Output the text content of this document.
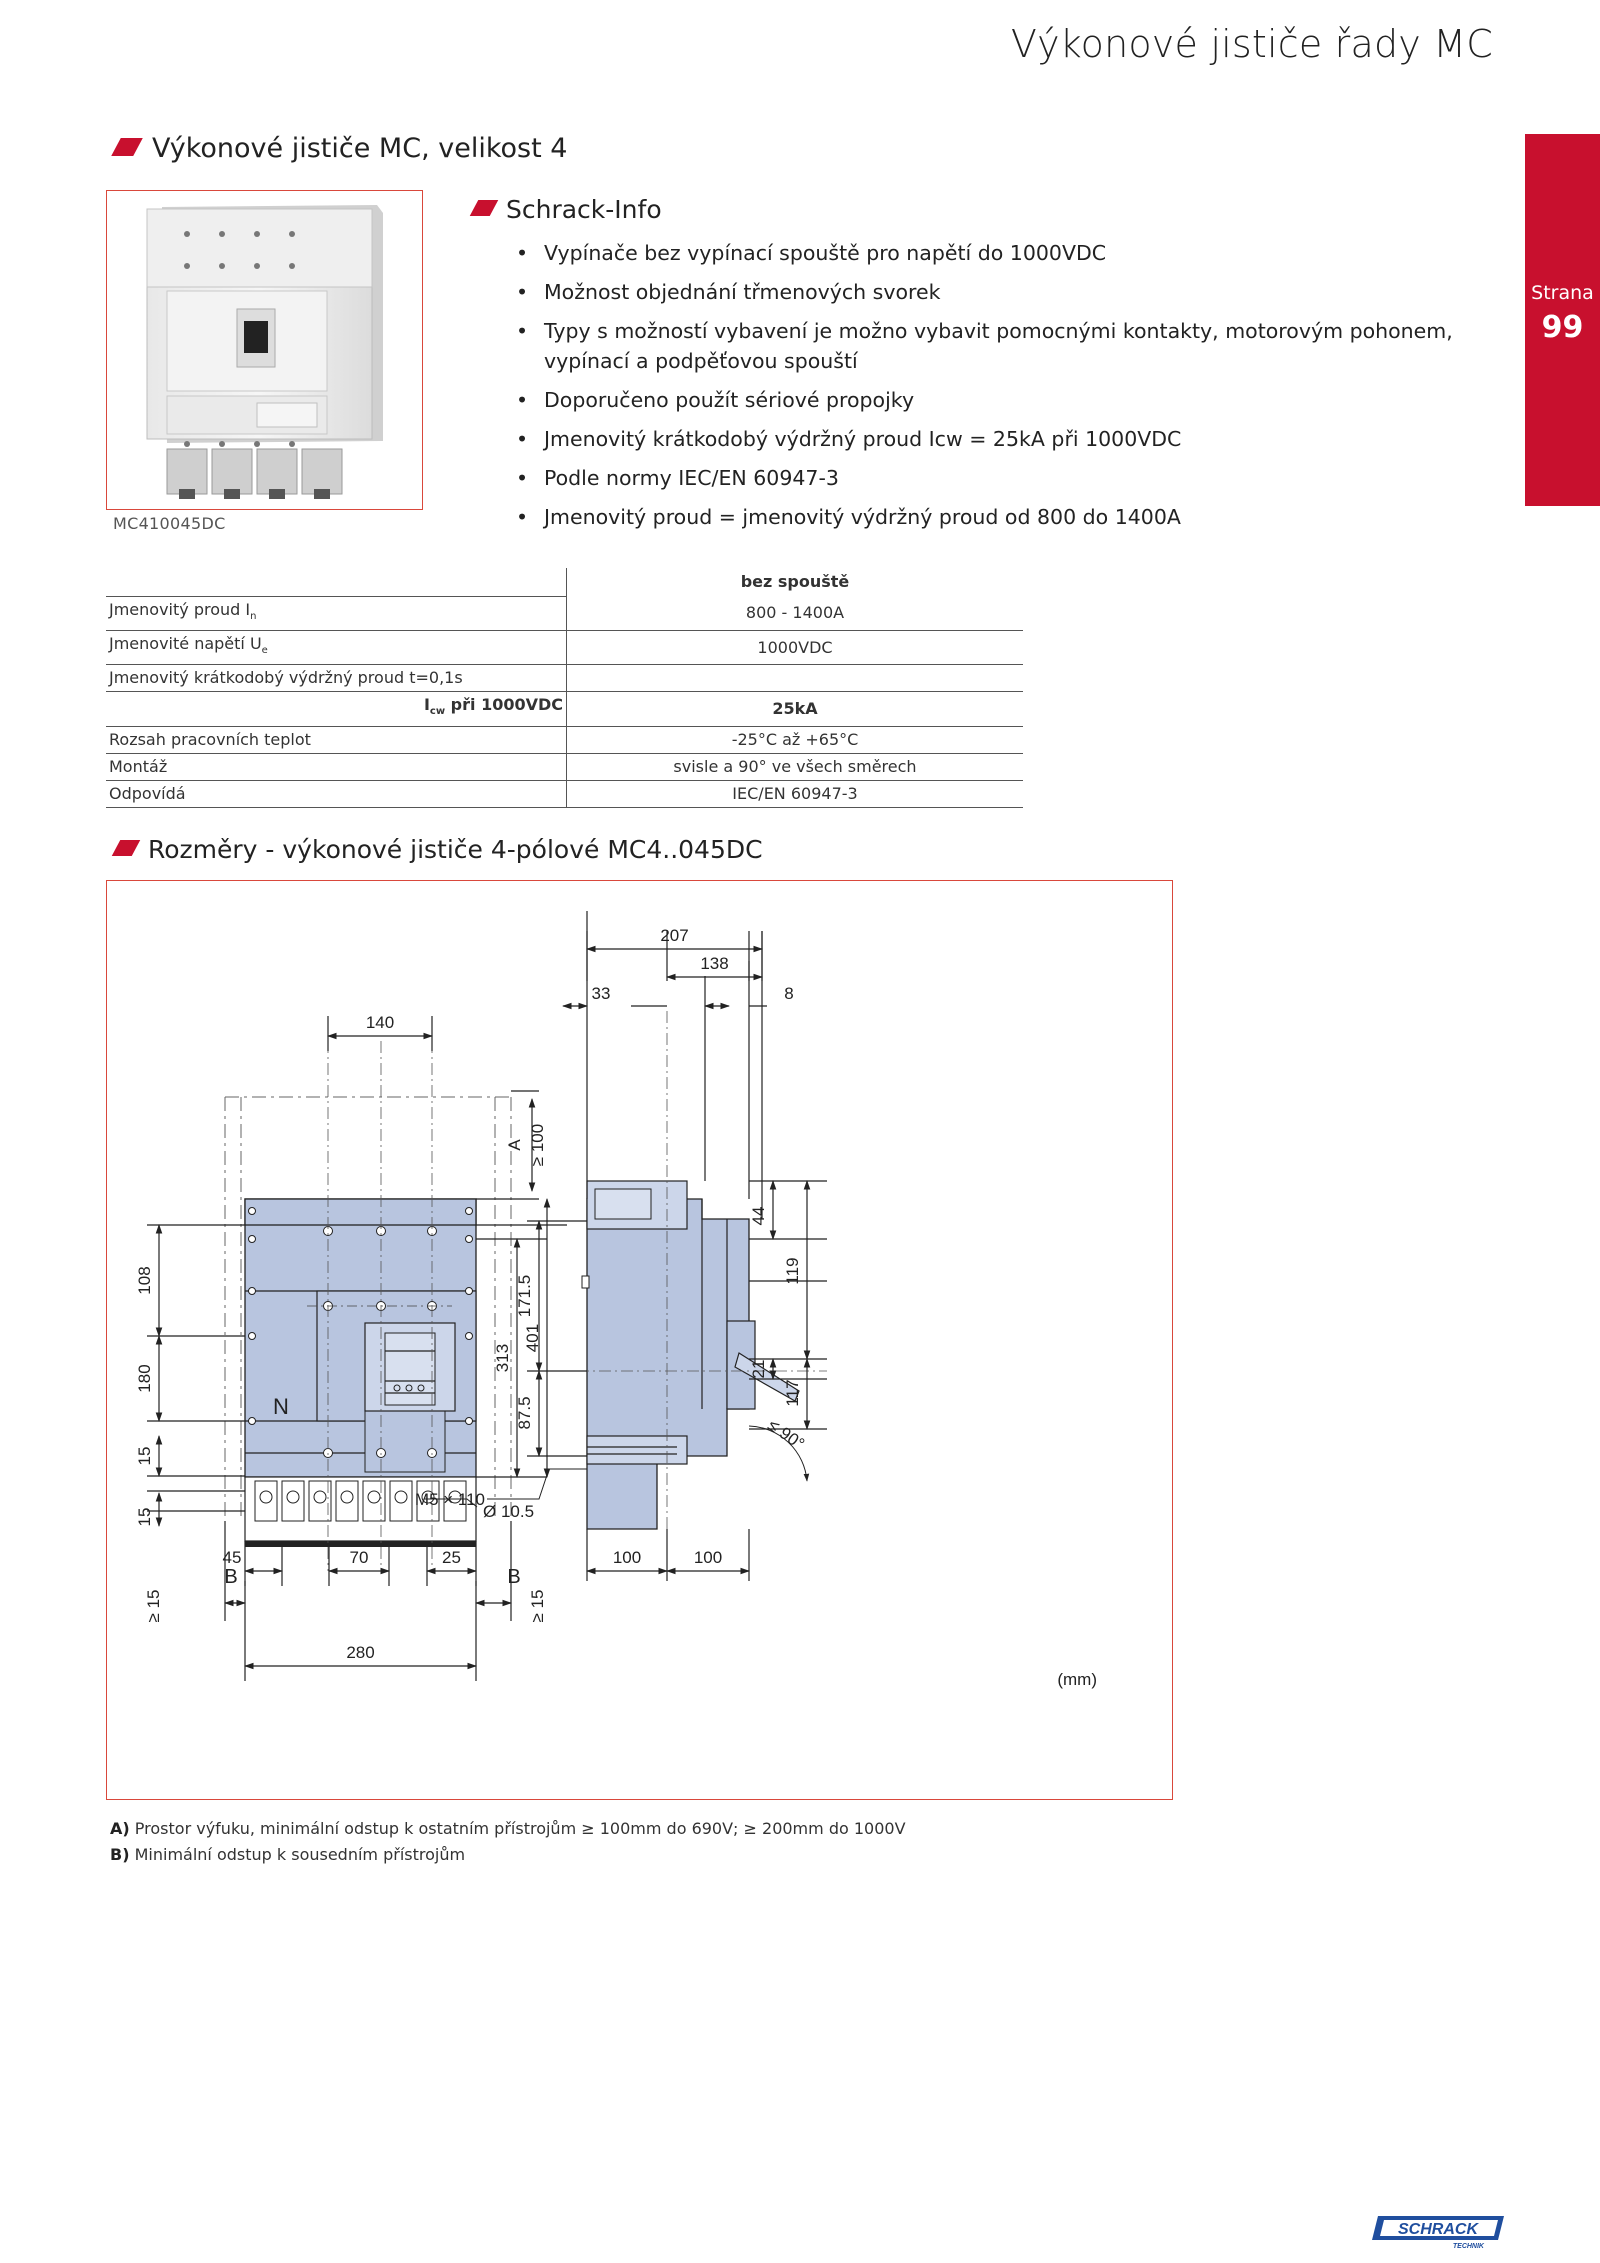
Výkonové jističe řady MC
Strana
99
Výkonové jističe MC, velikost 4
MC410045DC
Schrack-Info
• Vypínače bez vypínací spouště pro napětí do 1000VDC
• Možnost objednání třmenových svorek
• Typy s možností vybavení je možno vybavit pomocnými kontakty, motorovým pohonem, vypínací a podpěťovou spouští
• Doporučeno použít sériové propojky
• Jmenovitý krátkodobý výdržný proud Icw = 25kA při 1000VDC
• Podle normy IEC/EN 60947-3
• Jmenovitý proud = jmenovitý výdržný proud od 800 do 1400A
	bez spouště
Jmenovitý proud $I_n$	800 - 1400A
Jmenovité napětí $U_e$	1000VDC
Jmenovitý krátkodobý výdržný proud t=0,1s	
$I_{cw}$ při 1000VDC	25kA
Rozsah pracovních teplot	-25°C až +65°C
Montáž	svisle a 90° ve všech směrech
Odpovídá	IEC/EN 60947-3
Rozměry - výkonové jističe 4-pólové MC4..045DC
N
140
A ≥ 100
108
180
15
15
313
401
Ø 10.5
45	70	25
B
≥ 15
B
≥ 15
280
207
138
33	8
44
119
21
117
171.5
87.5
M5 × 110
≤ 90°
100	100
(mm)
A) Prostor výfuku, minimální odstup k ostatním přístrojům ≥ 100mm do 690V; ≥ 200mm do 1000V
B) Minimální odstup k sousedním přístrojům
SCHRACK
TECHNIK
